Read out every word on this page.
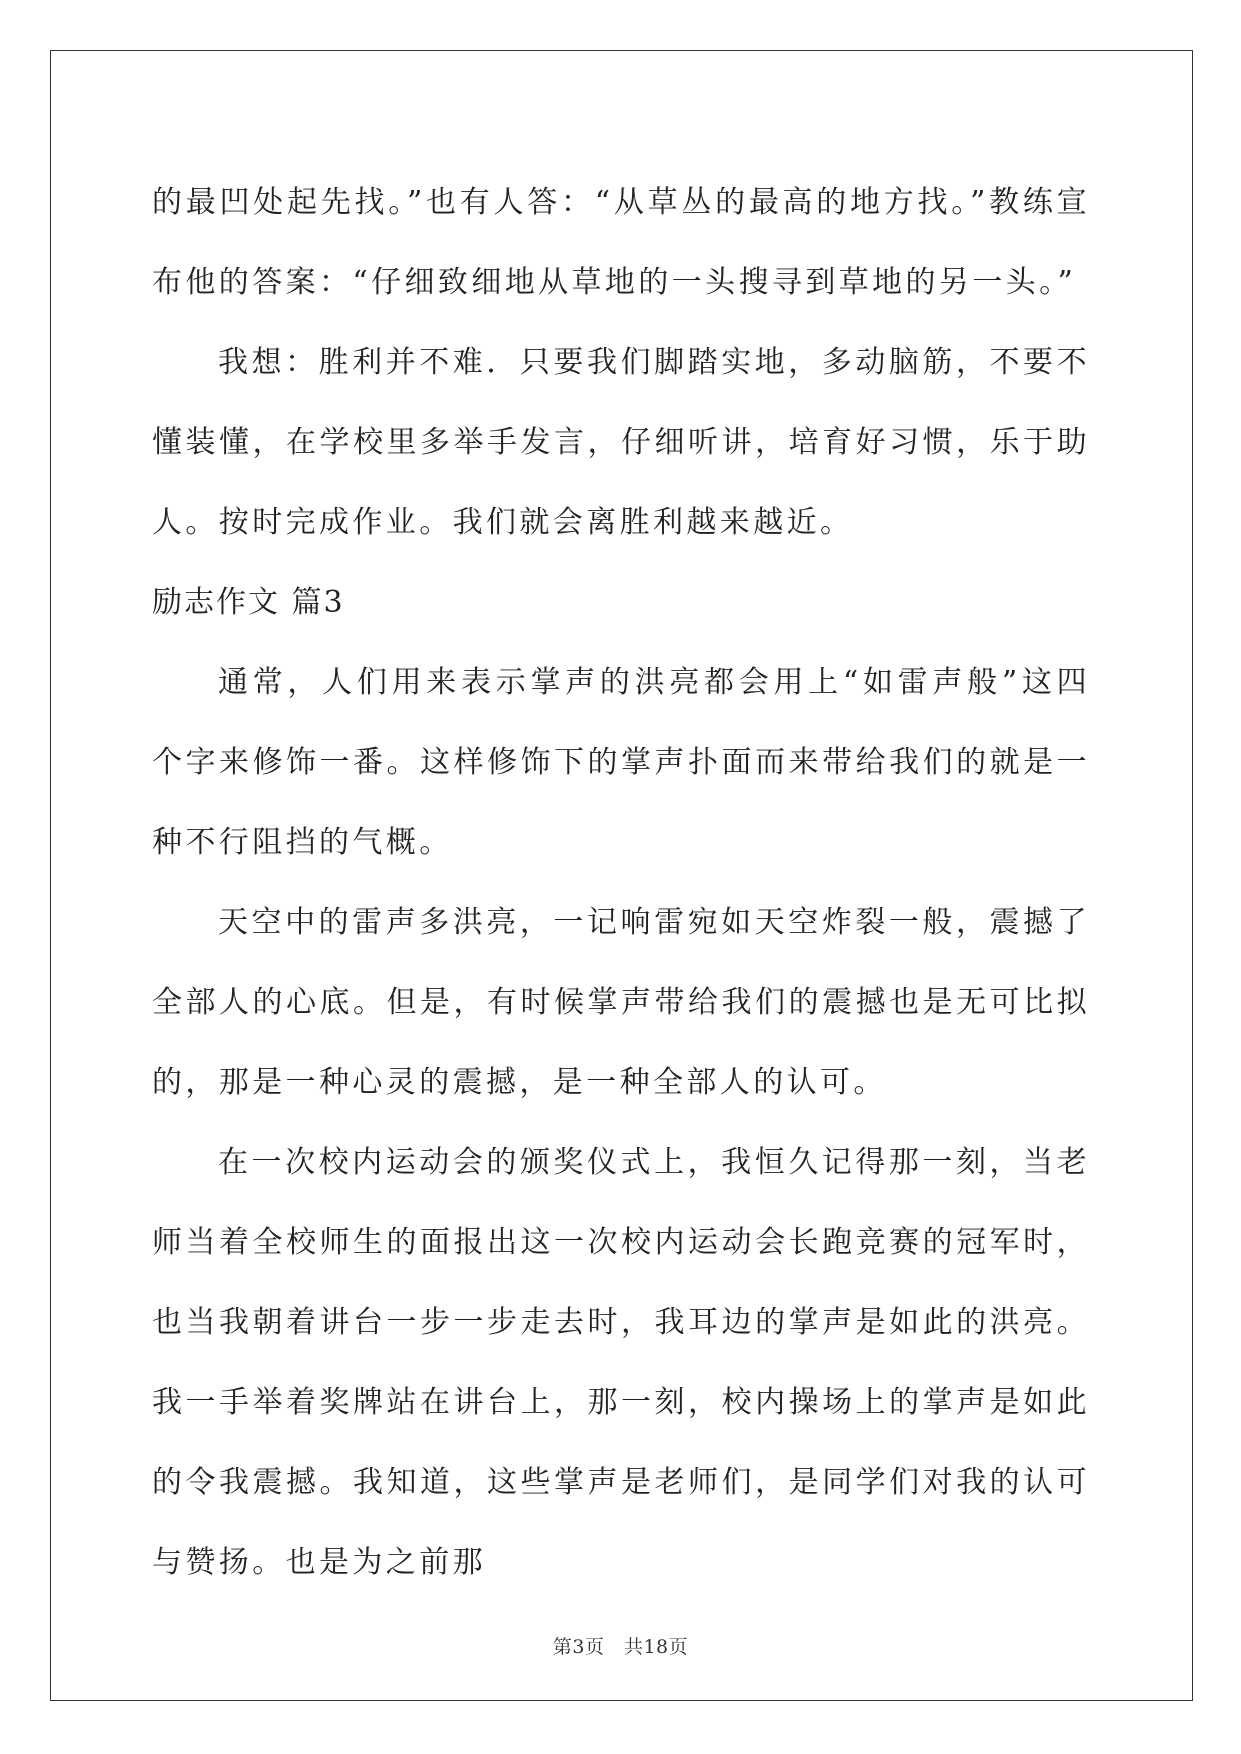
的最凹处起先找。”也有人答：“从草丛的最高的地方找。”教练宣布他的答案：“仔细致细地从草地的一头搜寻到草地的另一头。”

我想：胜利并不难．只要我们脚踏实地，多动脑筋，不要不懂装懂，在学校里多举手发言，仔细听讲，培育好习惯，乐于助人。按时完成作业。我们就会离胜利越来越近。

励志作文 篇3

通常，人们用来表示掌声的洪亮都会用上“如雷声般”这四个字来修饰一番。这样修饰下的掌声扑面而来带给我们的就是一种不行阻挡的气概。

天空中的雷声多洪亮，一记响雷宛如天空炸裂一般，震撼了全部人的心底。但是，有时候掌声带给我们的震撼也是无可比拟的，那是一种心灵的震撼，是一种全部人的认可。

在一次校内运动会的颁奖仪式上，我恒久记得那一刻，当老师当着全校师生的面报出这一次校内运动会长跑竞赛的冠军时，也当我朝着讲台一步一步走去时，我耳边的掌声是如此的洪亮。我一手举着奖牌站在讲台上，那一刻，校内操场上的掌声是如此的令我震撼。我知道，这些掌声是老师们，是同学们对我的认可与赞扬。也是为之前那

第3页　共18页
